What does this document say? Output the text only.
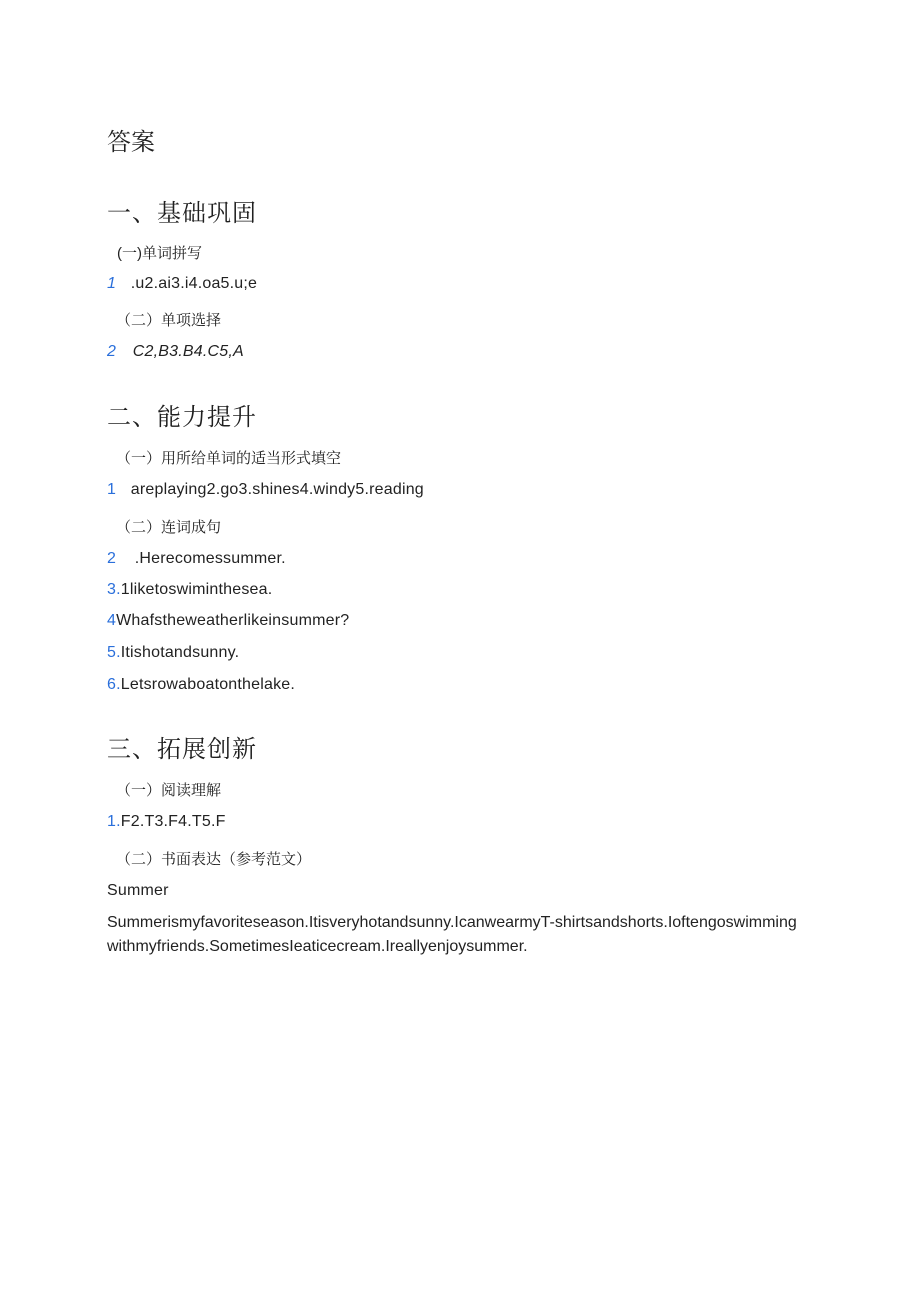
答案
一、基础巩固
(一)单词拼写
1 .u2.ai3.i4.oa5.u;e
（二）单项选择
2 C2,B3.B4.C5,A
二、能力提升
（一）用所给单词的适当形式填空
1 areplaying2.go3.shines4.windy5.reading
（二）连词成句
2 .Herecomessummer.
3.1liketoswiminthesea.
4Whafstheweatherlikeinsummer?
5.Itishotandsunny.
6.Letsrowaboatonthelake.
三、拓展创新
（一）阅读理解
1.F2.T3.F4.T5.F
（二）书面表达（参考范文）
Summer
Summerismyfavoriteseason.Itisveryhotandsunny.IcanwearmyT-shirtsandshorts.Ioftengoswimmingwithmyfriends.SometimesIeaticecream.Ireallyenjoysummer.
